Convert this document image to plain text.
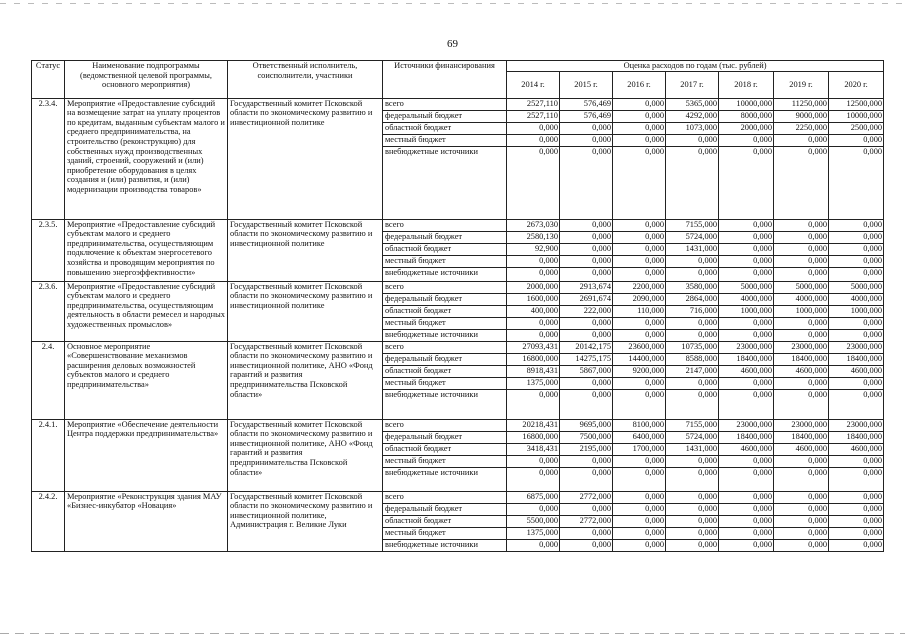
69
Статус	Наименование подпрограммы (ведомственной целевой программы, основного мероприятия)	Ответственный исполнитель, соисполнители, участники	Источники финансирования	Оценка расходов по годам (тыс. рублей)						
				2014 г.	2015 г.	2016 г.	2017 г.	2018 г.	2019 г.	2020 г.
2.3.4.	Мероприятие «Предоставление субсидий на возмещение затрат на уплату процентов по кредитам, выданным субъектам малого и среднего предпринимательства, на строительство (реконструкцию) для собственных нужд производственных зданий, строений, сооружений и (или) приобретение оборудования в целях создания и (или) развития, и (или) модернизации производства товаров»	Государственный комитет Псковской области по экономическому развитию и инвестиционной политике	всего	2527,110	576,469	0,000	5365,000	10000,000	11250,000	12500,000
			федеральный бюджет	2527,110	576,469	0,000	4292,000	8000,000	9000,000	10000,000
			областной бюджет	0,000	0,000	0,000	1073,000	2000,000	2250,000	2500,000
			местный бюджет	0,000	0,000	0,000	0,000	0,000	0,000	0,000
			внебюджетные источники	0,000	0,000	0,000	0,000	0,000	0,000	0,000
2.3.5.	Мероприятие «Предоставление субсидий субъектам малого и среднего предпринимательства, осуществляющим подключение к объектам энергосетевого хозяйства и проводящим мероприятия по повышению энергоэффективности»	Государственный комитет Псковской области по экономическому развитию и инвестиционной политике	всего	2673,030	0,000	0,000	7155,000	0,000	0,000	0,000
			федеральный бюджет	2580,130	0,000	0,000	5724,000	0,000	0,000	0,000
			областной бюджет	92,900	0,000	0,000	1431,000	0,000	0,000	0,000
			местный бюджет	0,000	0,000	0,000	0,000	0,000	0,000	0,000
			внебюджетные источники	0,000	0,000	0,000	0,000	0,000	0,000	0,000
2.3.6.	Мероприятие «Предоставление субсидий субъектам малого и среднего предпринимательства, осуществляющим деятельность в области ремесел и народных художественных промыслов»	Государственный комитет Псковской области по экономическому развитию и инвестиционной политике	всего	2000,000	2913,674	2200,000	3580,000	5000,000	5000,000	5000,000
			федеральный бюджет	1600,000	2691,674	2090,000	2864,000	4000,000	4000,000	4000,000
			областной бюджет	400,000	222,000	110,000	716,000	1000,000	1000,000	1000,000
			местный бюджет	0,000	0,000	0,000	0,000	0,000	0,000	0,000
			внебюджетные источники	0,000	0,000	0,000	0,000	0,000	0,000	0,000
2.4.	Основное мероприятие «Совершенствование механизмов расширения деловых возможностей субъектов малого и среднего предпринимательства»	Государственный комитет Псковской области по экономическому развитию и инвестиционной политике, АНО «Фонд гарантий и развития предпринимательства Псковской области»	всего	27093,431	20142,175	23600,000	10735,000	23000,000	23000,000	23000,000
			федеральный бюджет	16800,000	14275,175	14400,000	8588,000	18400,000	18400,000	18400,000
			областной бюджет	8918,431	5867,000	9200,000	2147,000	4600,000	4600,000	4600,000
			местный бюджет	1375,000	0,000	0,000	0,000	0,000	0,000	0,000
			внебюджетные источники	0,000	0,000	0,000	0,000	0,000	0,000	0,000
2.4.1.	Мероприятие «Обеспечение деятельности Центра поддержки предпринимательства»	Государственный комитет Псковской области по экономическому развитию и инвестиционной политике, АНО «Фонд гарантий и развития предпринимательства Псковской области»	всего	20218,431	9695,000	8100,000	7155,000	23000,000	23000,000	23000,000
			федеральный бюджет	16800,000	7500,000	6400,000	5724,000	18400,000	18400,000	18400,000
			областной бюджет	3418,431	2195,000	1700,000	1431,000	4600,000	4600,000	4600,000
			местный бюджет	0,000	0,000	0,000	0,000	0,000	0,000	0,000
			внебюджетные источники	0,000	0,000	0,000	0,000	0,000	0,000	0,000
2.4.2.	Мероприятие «Реконструкция здания МАУ «Бизнес-инкубатор «Новация»	Государственный комитет Псковской области по экономическому развитию и инвестиционной политике, Администрация г. Великие Луки	всего	6875,000	2772,000	0,000	0,000	0,000	0,000	0,000
			федеральный бюджет	0,000	0,000	0,000	0,000	0,000	0,000	0,000
			областной бюджет	5500,000	2772,000	0,000	0,000	0,000	0,000	0,000
			местный бюджет	1375,000	0,000	0,000	0,000	0,000	0,000	0,000
			внебюджетные источники	0,000	0,000	0,000	0,000	0,000	0,000	0,000
